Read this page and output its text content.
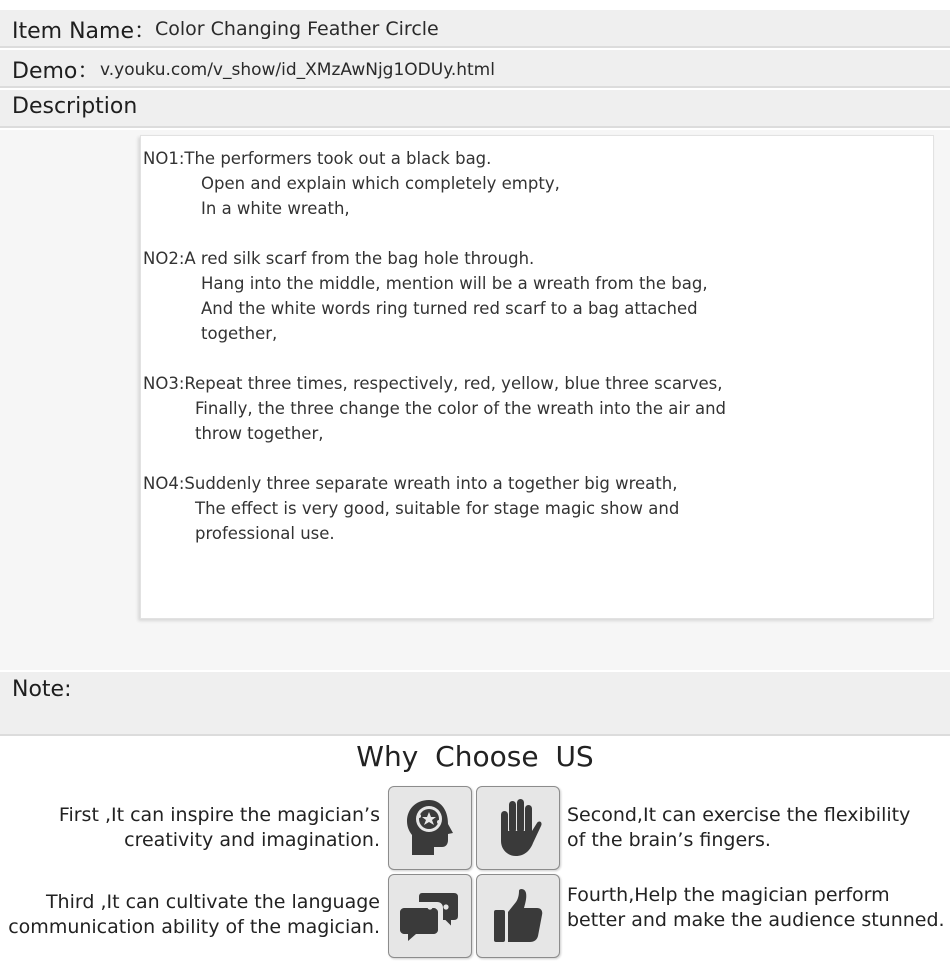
Item Name： Color Changing Feather Circle
Demo： v.youku.com/v_show/id_XMzAwNjg1ODUy.html
Description
NO1:The performers took out a black bag.
Open and explain which completely empty,
In a white wreath,
NO2:A red silk scarf from the bag hole through.
Hang into the middle, mention will be a wreath from the bag,
And the white words ring turned red scarf to a bag attached
together,
NO3:Repeat three times, respectively, red, yellow, blue three scarves,
Finally, the three change the color of the wreath into the air and
throw together,
NO4:Suddenly three separate wreath into a together big wreath,
The effect is very good, suitable for stage magic show and
professional use.
Note:
Why Choose US
First ,It can inspire the magician’s
creativity and imagination.
Second,It can exercise the flexibility
of the brain’s fingers.
Third ,It can cultivate the language
communication ability of the magician.
Fourth,Help the magician perform
better and make the audience stunned.
